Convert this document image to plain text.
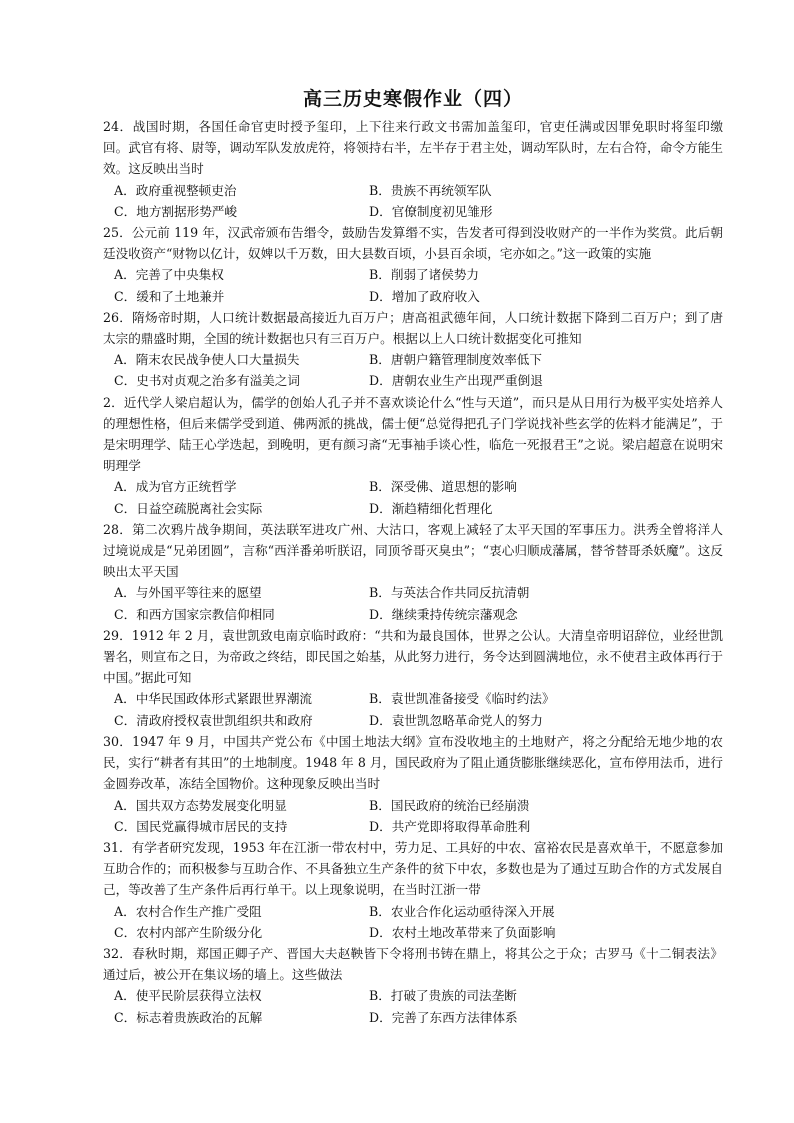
高三历史寒假作业（四）

24．战国时期，各国任命官吏时授予玺印，上下往来行政文书需加盖玺印，官吏任满或因罪免职时将玺印缴回。武官有将、尉等，调动军队发放虎符，将领持右半，左半存于君主处，调动军队时，左右合符，命令方能生效。这反映出当时

A．政府重视整顿吏治	B．贵族不再统领军队
C．地方割据形势严峻	D．官僚制度初见雏形

25．公元前 119 年，汉武帝颁布告缗令，鼓励告发算缗不实，告发者可得到没收财产的一半作为奖赏。此后朝廷没收资产“财物以亿计，奴婢以千万数，田大县数百顷，小县百余顷，宅亦如之。”这一政策的实施

A．完善了中央集权	B．削弱了诸侯势力
C．缓和了土地兼并	D．增加了政府收入

26．隋炀帝时期，人口统计数据最高接近九百万户；唐高祖武德年间，人口统计数据下降到二百万户；到了唐太宗的鼎盛时期，全国的统计数据也只有三百万户。根据以上人口统计数据变化可推知

A．隋末农民战争使人口大量损失	B．唐朝户籍管理制度效率低下
C．史书对贞观之治多有溢美之词	D．唐朝农业生产出现严重倒退

2．近代学人梁启超认为，儒学的创始人孔子并不喜欢谈论什么“性与天道”，而只是从日用行为极平实处培养人的理想性格，但后来儒学受到道、佛两派的挑战，儒士便“总觉得把孔子门学说找补些玄学的佐料才能满足”，于是宋明理学、陆王心学迭起，到晚明，更有颜习斋“无事袖手谈心性，临危一死报君王”之说。梁启超意在说明宋明理学

A．成为官方正统哲学	B．深受佛、道思想的影响
C．日益空疏脱离社会实际	D．渐趋精细化哲理化

28．第二次鸦片战争期间，英法联军进攻广州、大沽口，客观上减轻了太平天国的军事压力。洪秀全曾将洋人过境说成是“兄弟团圆”，言称“西洋番弟听朕诏，同顶爷哥灭臭虫”；“衷心归顺成藩属，替爷替哥杀妖魔”。这反映出太平天国

A．与外国平等往来的愿望	B．与英法合作共同反抗清朝
C．和西方国家宗教信仰相同	D．继续秉持传统宗藩观念

29．1912 年 2 月，袁世凯致电南京临时政府：“共和为最良国体，世界之公认。大清皇帝明诏辞位，业经世凯署名，则宣布之日，为帝政之终结，即民国之始基，从此努力进行，务令达到圆满地位，永不使君主政体再行于中国。”据此可知

A．中华民国政体形式紧跟世界潮流	B．袁世凯准备接受《临时约法》
C．清政府授权袁世凯组织共和政府	D．袁世凯忽略革命党人的努力

30．1947 年 9 月，中国共产党公布《中国土地法大纲》宣布没收地主的土地财产，将之分配给无地少地的农民，实行“耕者有其田”的土地制度。1948 年 8 月，国民政府为了阻止通货膨胀继续恶化，宣布停用法币，进行金圆券改革，冻结全国物价。这种现象反映出当时

A．国共双方态势发展变化明显	B．国民政府的统治已经崩溃
C．国民党赢得城市居民的支持	D．共产党即将取得革命胜利

31．有学者研究发现，1953 年在江浙一带农村中，劳力足、工具好的中农、富裕农民是喜欢单干，不愿意参加互助合作的；而积极参与互助合作、不具备独立生产条件的贫下中农，多数也是为了通过互助合作的方式发展自己，等改善了生产条件后再行单干。以上现象说明，在当时江浙一带

A．农村合作生产推广受阻	B．农业合作化运动亟待深入开展
C．农村内部产生阶级分化	D．农村土地改革带来了负面影响

32．春秋时期，郑国正卿子产、晋国大夫赵鞅皆下令将刑书铸在鼎上，将其公之于众；古罗马《十二铜表法》通过后，被公开在集议场的墙上。这些做法

A．使平民阶层获得立法权	B．打破了贵族的司法垄断
C．标志着贵族政治的瓦解	D．完善了东西方法律体系
